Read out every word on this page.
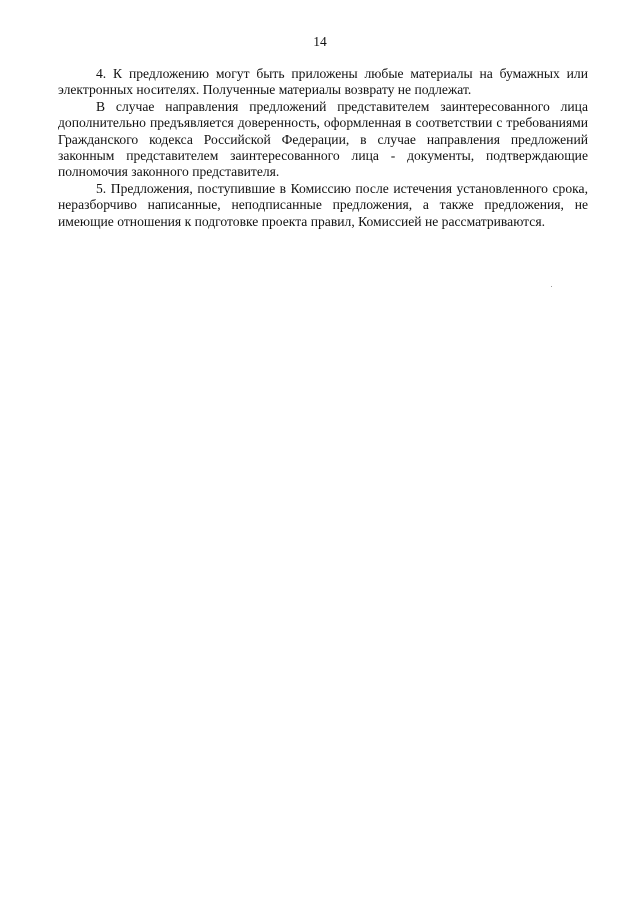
14

4. К предложению могут быть приложены любые материалы на бумажных или электронных носителях. Полученные материалы возврату не подлежат.

В случае направления предложений представителем заинтересованного лица дополнительно предъявляется доверенность, оформленная в соответствии с требованиями Гражданского кодекса Российской Федерации, в случае направления предложений законным представителем заинтересованного лица - документы, подтверждающие полномочия законного представителя.

5. Предложения, поступившие в Комиссию после истечения установленного срока, неразборчиво написанные, неподписанные предложения, а также предложения, не имеющие отношения к подготовке проекта правил, Комиссией не рассматриваются.
